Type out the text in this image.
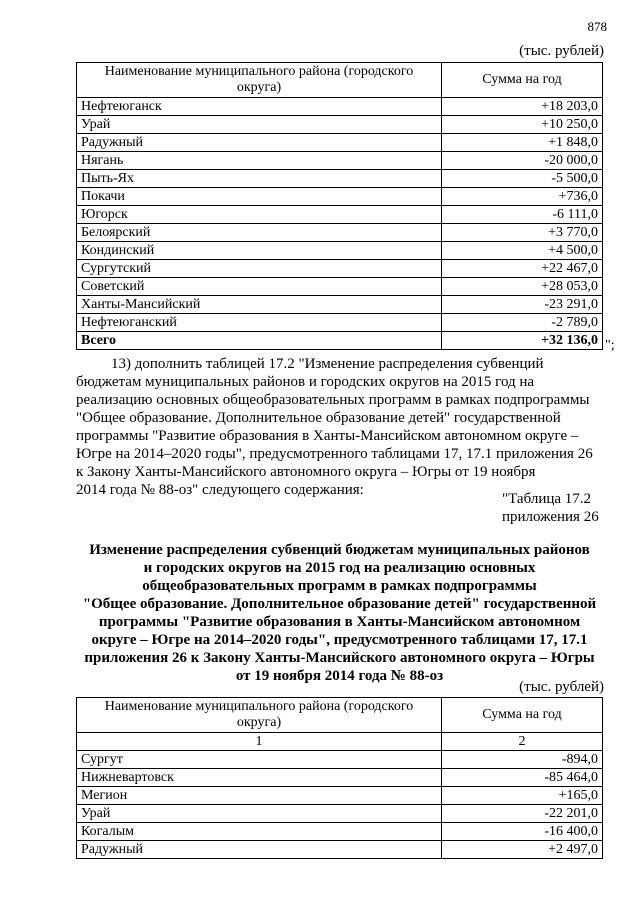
878
(тыс. рублей)
Наименование муниципального района (городского округа)	Сумма на год
Нефтеюганск	+18 203,0
Урай	+10 250,0
Радужный	+1 848,0
Нягань	-20 000,0
Пыть-Ях	-5 500,0
Покачи	+736,0
Югорск	-6 111,0
Белоярский	+3 770,0
Кондинский	+4 500,0
Сургутский	+22 467,0
Советский	+28 053,0
Ханты-Мансийский	-23 291,0
Нефтеюганский	-2 789,0
Всего	+32 136,0 ";

13) дополнить таблицей 17.2 "Изменение распределения субвенций
бюджетам муниципальных районов и городских округов на 2015 год на
реализацию основных общеобразовательных программ в рамках подпрограммы
"Общее образование. Дополнительное образование детей" государственной
программы "Развитие образования в Ханты-Мансийском автономном округе –
Югре на 2014–2020 годы", предусмотренного таблицами 17, 17.1 приложения 26
к Закону Ханты-Мансийского автономного округа – Югры от 19 ноября
2014 года № 88-оз" следующего содержания:

"Таблица 17.2
приложения 26

Изменение распределения субвенций бюджетам муниципальных районов
и городских округов на 2015 год на реализацию основных
общеобразовательных программ в рамках подпрограммы
"Общее образование. Дополнительное образование детей" государственной
программы "Развитие образования в Ханты-Мансийском автономном
округе – Югре на 2014–2020 годы", предусмотренного таблицами 17, 17.1
приложения 26 к Закону Ханты-Мансийского автономного округа – Югры
от 19 ноября 2014 года № 88-оз

(тыс. рублей)
Наименование муниципального района (городского округа)	Сумма на год
1	2
Сургут	-894,0
Нижневартовск	-85 464,0
Мегион	+165,0
Урай	-22 201,0
Когалым	-16 400,0
Радужный	+2 497,0
